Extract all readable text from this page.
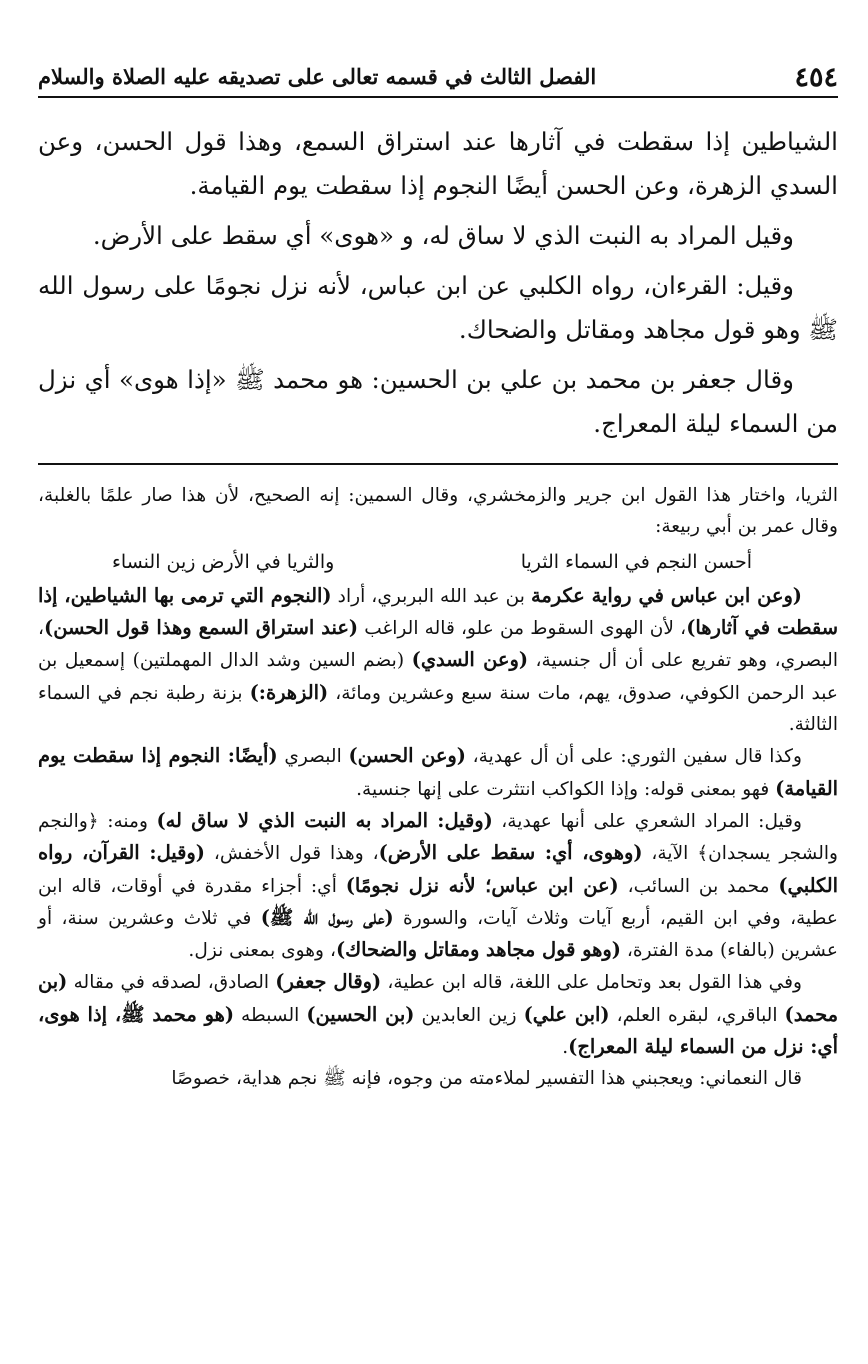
٤٥٤
الفصل الثالث في قسمه تعالى على تصديقه عليه الصلاة والسلام

الشياطين إذا سقطت في آثارها عند استراق السمع، وهذا قول الحسن، وعن السدي الزهرة، وعن الحسن أيضًا النجوم إذا سقطت يوم القيامة.

وقيل المراد به النبت الذي لا ساق له، و «هوى» أي سقط على الأرض.

وقيل: القرءان، رواه الكلبي عن ابن عباس، لأنه نزل نجومًا على رسول الله ﷺ وهو قول مجاهد ومقاتل والضحاك.

وقال جعفر بن محمد بن علي بن الحسين: هو محمد ﷺ «إذا هوى» أي نزل من السماء ليلة المعراج.

الثريا، واختار هذا القول ابن جرير والزمخشري، وقال السمين: إنه الصحيح، لأن هذا صار علمًا بالغلبة، وقال عمر بن أبي ربيعة:

أحسن النجم في السماء الثريا
والثريا في الأرض زين النساء

(وعن ابن عباس في رواية عكرمة بن عبد الله البربري، أراد (النجوم التي ترمى بها الشياطين، إذا سقطت في آثارها)، لأن الهوى السقوط من علو، قاله الراغب (عند استراق السمع وهذا قول الحسن)، البصري، وهو تفريع على أن أل جنسية، (وعن السدي) (بضم السين وشد الدال المهملتين) إسمعيل بن عبد الرحمن الكوفي، صدوق، يهم، مات سنة سبع وعشرين ومائة، (الزهرة:) بزنة رطبة نجم في السماء الثالثة.

وكذا قال سفين الثوري: على أن أل عهدية، (وعن الحسن) البصري (أيضًا: النجوم إذا سقطت يوم القيامة) فهو بمعنى قوله: وإذا الكواكب انتثرت على إنها جنسية.

وقيل: المراد الشعري على أنها عهدية، (وقيل: المراد به النبت الذي لا ساق له) ومنه: ﴿والنجم والشجر يسجدان﴾ الآية، (وهوى، أي: سقط على الأرض)، وهذا قول الأخفش، (وقيل: القرآن، رواه الكلبي) محمد بن السائب، (عن ابن عباس؛ لأنه نزل نجومًا) أي: أجزاء مقدرة في أوقات، قاله ابن عطية، وفي ابن القيم، أربع آيات وثلاث آيات، والسورة (على رسول الله ﷺ) في ثلاث وعشرين سنة، أو عشرين (بالفاء) مدة الفترة، (وهو قول مجاهد ومقاتل والضحاك)، وهوى بمعنى نزل.

وفي هذا القول بعد وتحامل على اللغة، قاله ابن عطية، (وقال جعفر) الصادق، لصدقه في مقاله (بن محمد) الباقري، لبقره العلم، (ابن علي) زين العابدين (بن الحسين) السبطه (هو محمد ﷺ، إذا هوى، أي: نزل من السماء ليلة المعراج).

قال النعماني: ويعجبني هذا التفسير لملاءمته من وجوه، فإنه ﷺ نجم هداية، خصوصًا
